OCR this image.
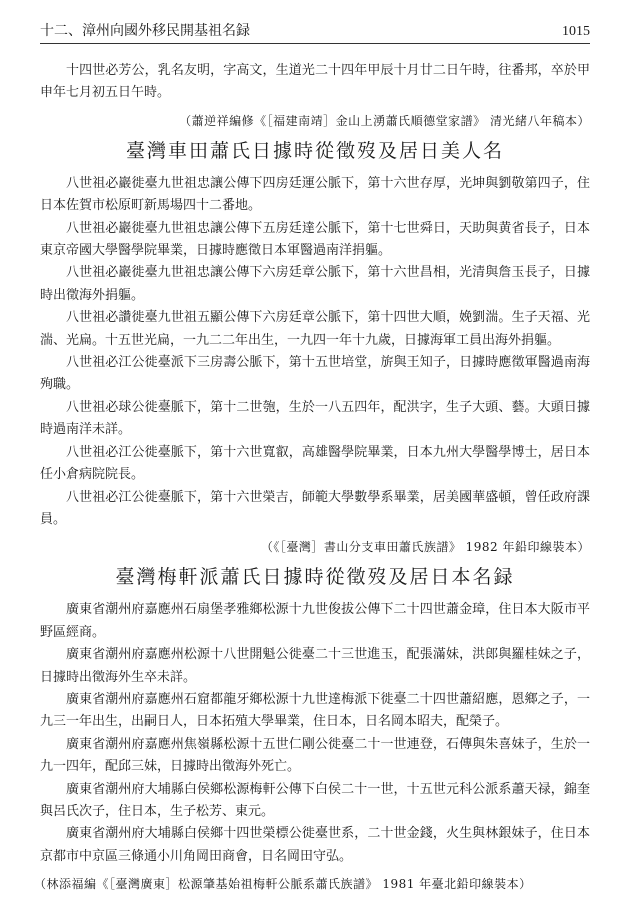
十二、漳州向國外移民開基祖名録	1015

十四世必芳公，乳名友明，字高文，生道光二十四年甲辰十月廿二日午時，往番邦，卒於甲申年七月初五日午時。

（蕭逆祥編修《［福建南靖］金山上湧蕭氏順德堂家譜》 清光緒八年稿本）
臺灣車田蕭氏日據時從徵歿及居日美人名

八世祖必巖徙臺九世祖忠讓公傳下四房廷運公脈下，第十六世存厚，光坤與劉敬第四子，住日本佐賀市松原町新馬場四十二番地。

八世祖必巖徙臺九世祖忠讓公傳下五房廷達公脈下，第十七世舜日，天助與黄省長子，日本東京帝國大學醫學院畢業，日據時應徵日本軍醫過南洋捐軀。

八世祖必巖徙臺九世祖忠讓公傳下六房廷章公脈下，第十六世昌相，光清與詹玉長子，日據時出徵海外捐軀。

八世祖必讚徙臺九世祖五顯公傳下六房廷章公脈下，第十四世大順，娩劉湍。生子天福、光湍、光扁。十五世光扁，一九二二年出生，一九四一年十九歲，日據海軍工員出海外捐軀。

八世祖必江公徙臺派下三房壽公脈下，第十五世培堂，旂與王知子，日據時應徵軍醫過南海殉職。

八世祖必球公徙臺脈下，第十二世匏，生於一八五四年，配洪字，生子大頭、藝。大頭日據時過南洋未詳。

八世祖必江公徙臺脈下，第十六世寬叡，高雄醫學院畢業，日本九州大學醫學博士，居日本任小倉病院院長。

八世祖必江公徙臺脈下，第十六世榮吉，師範大學數學系畢業，居美國華盛頓，曾任政府課員。

（《［臺灣］書山分支車田蕭氏族譜》 1982 年鉛印線裝本）
臺灣梅軒派蕭氏日據時從徵歿及居日本名録

廣東省潮州府嘉應州石扇堡孝雅鄉松源十九世俊拔公傳下二十四世蕭金璋，住日本大阪市平野區經商。

廣東省潮州府嘉應州松源十八世開魁公徙臺二十三世進玉，配張滿妹，洪郎與羅桂妹之子，日據時出徵海外生卒未詳。

廣東省潮州府嘉應州石窟都龍牙鄉松源十九世達梅派下徙臺二十四世蕭紹應，恩鄉之子，一九三一年出生，出嗣日人，日本拓殖大學畢業，住日本，日名岡本昭夫，配榮子。

廣東省潮州府嘉應州焦嶺縣松源十五世仁剛公徙臺二十一世連登，石傳與朱喜妹子，生於一九一四年，配邱三妹，日據時出徵海外死亡。

廣東省潮州府大埔縣白侯鄉松源梅軒公傳下白侯二十一世，十五世元科公派系蕭天禄，錦奎與呂氏次子，住日本，生子松芳、東元。

廣東省潮州府大埔縣白侯鄉十四世榮標公徙臺世系，二十世金錢，火生與林銀妹子，住日本京都市中京區三條通小川角岡田商會，日名岡田守弘。

（林添福編《［臺灣廣東］松源肇基始祖梅軒公脈系蕭氏族譜》 1981 年臺北鉛印線裝本）
